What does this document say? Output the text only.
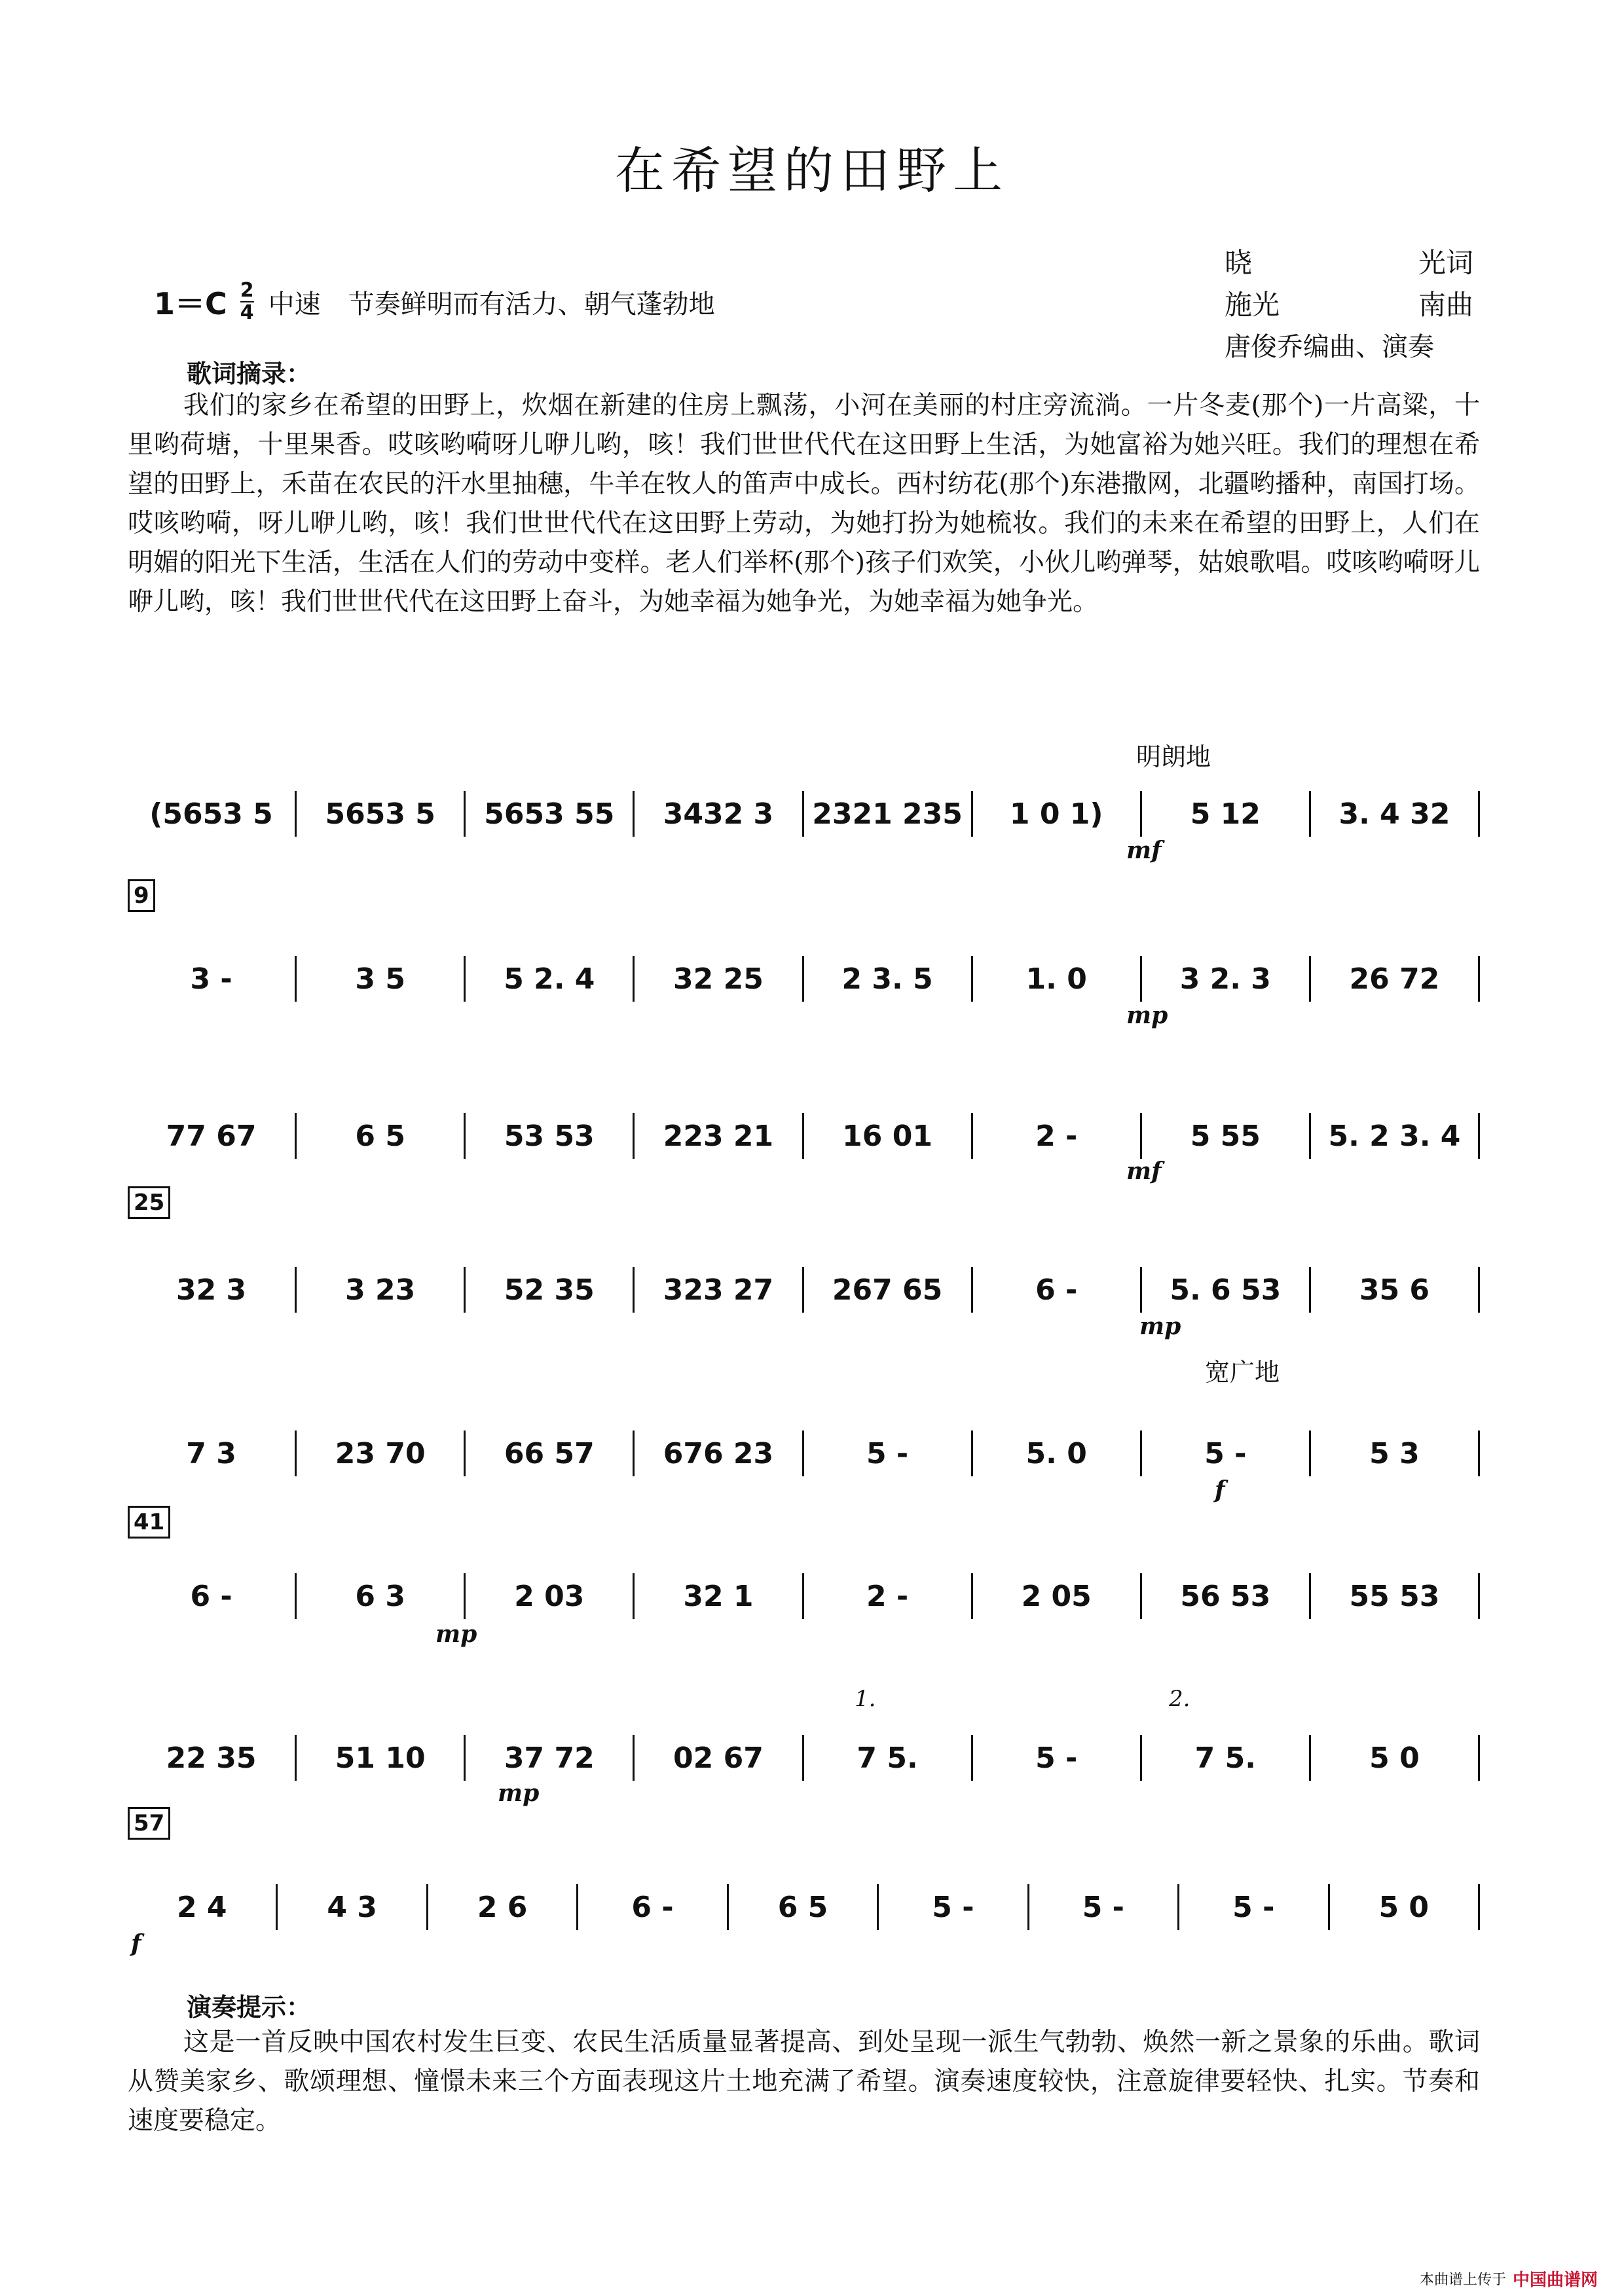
在希望的田野上
$1=C \frac{2}{4}$ 中速 节奏鲜明而有活力、朝气蓬勃地
晓	光词
施光	南曲
唐俊乔编曲、演奏
歌词摘录：
我们的家乡在希望的田野上，炊烟在新建的住房上飘荡，小河在美丽的村庄旁流淌。一片冬麦(那个)一片高粱，十里哟荷塘，十里果香。哎咳哟嗬呀儿咿儿哟，咳！我们世世代代在这田野上生活，为她富裕为她兴旺。我们的理想在希望的田野上，禾苗在农民的汗水里抽穗，牛羊在牧人的笛声中成长。西村纺花(那个)东港撒网，北疆哟播种，南国打场。哎咳哟嗬，呀儿咿儿哟，咳！我们世世代代在这田野上劳动，为她打扮为她梳妆。我们的未来在希望的田野上，人们在明媚的阳光下生活，生活在人们的劳动中变样。老人们举杯(那个)孩子们欢笑，小伙儿哟弹琴，姑娘歌唱。哎咳哟嗬呀儿咿儿哟，咳！我们世世代代在这田野上奋斗，为她幸福为她争光，为她幸福为她争光。
明朗地
宽广地
9
25
41
57
(5653 5	5653 5	5653 55	3432 3	2321 235	1 0 1)	5 12	3. 4 32
mf
3 -	3 5	5 2. 4	32 25	2 3. 5	1. 0	3 2. 3	26 72
mp
77 67	6 5	53 53	223 21	16 01	2 -	5 55	5. 2 3. 4
mf
32 3	3 23	52 35	323 27	267 65	6 -	5. 6 53	35 6
mp
7 3	23 70	66 57	676 23	5 -	5. 0	5 -	5 3
f
6 -	6 3	2 03	32 1	2 -	2 05	56 53	55 53
mp
1.	2.
22 35	51 10	37 72	02 67	7 5.	5 -	7 5.	5 0
mp
2 4	4 3	2 6	6 -	6 5	5 -	5 -	5 -	5 0
f
演奏提示：
这是一首反映中国农村发生巨变、农民生活质量显著提高、到处呈现一派生气勃勃、焕然一新之景象的乐曲。歌词从赞美家乡、歌颂理想、憧憬未来三个方面表现这片土地充满了希望。演奏速度较快，注意旋律要轻快、扎实。节奏和速度要稳定。
本曲谱上传于 中国曲谱网
